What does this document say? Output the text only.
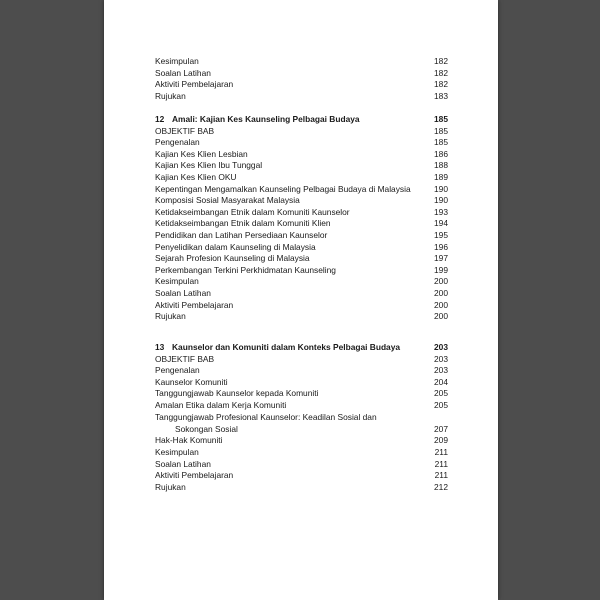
Kesimpulan	182
Soalan Latihan	182
Aktiviti Pembelajaran	182
Rujukan	183
12 Amali: Kajian Kes Kaunseling Pelbagai Budaya	185
OBJEKTIF BAB	185
Pengenalan	185
Kajian Kes Klien Lesbian	186
Kajian Kes Klien Ibu Tunggal	188
Kajian Kes Klien OKU	189
Kepentingan Mengamalkan Kaunseling Pelbagai Budaya di Malaysia	190
Komposisi Sosial Masyarakat Malaysia	190
Ketidakseimbangan Etnik dalam Komuniti Kaunselor	193
Ketidakseimbangan Etnik dalam Komuniti Klien	194
Pendidikan dan Latihan Persediaan Kaunselor	195
Penyelidikan dalam Kaunseling di Malaysia	196
Sejarah Profesion Kaunseling di Malaysia	197
Perkembangan Terkini Perkhidmatan Kaunseling	199
Kesimpulan	200
Soalan Latihan	200
Aktiviti Pembelajaran	200
Rujukan	200
13 Kaunselor dan Komuniti dalam Konteks Pelbagai Budaya	203
OBJEKTIF BAB	203
Pengenalan	203
Kaunselor Komuniti	204
Tanggungjawab Kaunselor kepada Komuniti	205
Amalan Etika dalam Kerja Komuniti	205
Tanggungjawab Profesional Kaunselor: Keadilan Sosial dan
Sokongan Sosial	207
Hak-Hak Komuniti	209
Kesimpulan	211
Soalan Latihan	211
Aktiviti Pembelajaran	211
Rujukan	212
